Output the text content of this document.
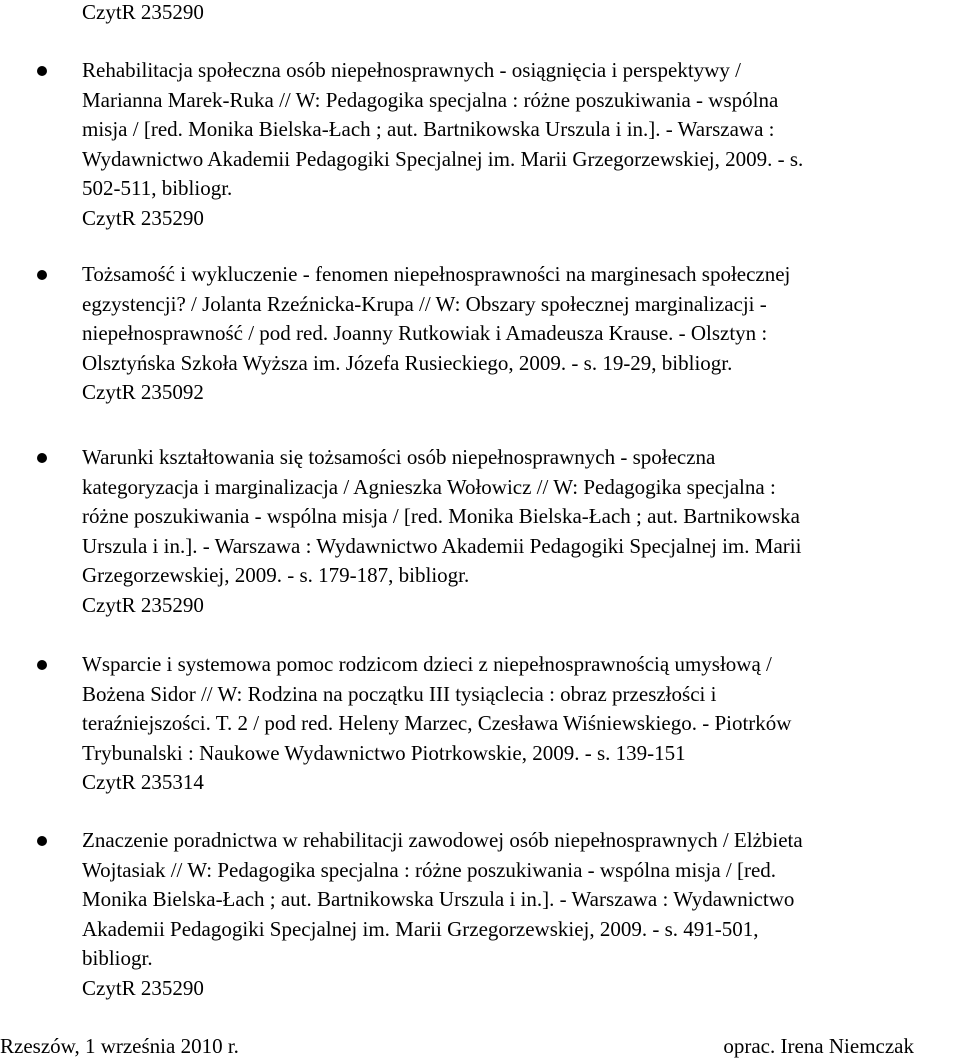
CzytR 235290
Rehabilitacja społeczna osób niepełnosprawnych - osiągnięcia i perspektywy /
Marianna Marek-Ruka // W: Pedagogika specjalna : różne poszukiwania - wspólna
misja / [red. Monika Bielska-Łach ; aut. Bartnikowska Urszula i in.]. - Warszawa :
Wydawnictwo Akademii Pedagogiki Specjalnej im. Marii Grzegorzewskiej, 2009. - s.
502-511, bibliogr.
CzytR 235290
Tożsamość i wykluczenie - fenomen niepełnosprawności na marginesach społecznej
egzystencji? / Jolanta Rzeźnicka-Krupa // W: Obszary społecznej marginalizacji -
niepełnosprawność / pod red. Joanny Rutkowiak i Amadeusza Krause. - Olsztyn :
Olsztyńska Szkoła Wyższa im. Józefa Rusieckiego, 2009. - s. 19-29, bibliogr.
CzytR 235092
Warunki kształtowania się tożsamości osób niepełnosprawnych - społeczna
kategoryzacja i marginalizacja / Agnieszka Wołowicz // W: Pedagogika specjalna :
różne poszukiwania - wspólna misja / [red. Monika Bielska-Łach ; aut. Bartnikowska
Urszula i in.]. - Warszawa : Wydawnictwo Akademii Pedagogiki Specjalnej im. Marii
Grzegorzewskiej, 2009. - s. 179-187, bibliogr.
CzytR 235290
Wsparcie i systemowa pomoc rodzicom dzieci z niepełnosprawnością umysłową /
Bożena Sidor // W: Rodzina na początku III tysiąclecia : obraz przeszłości i
teraźniejszości. T. 2 / pod red. Heleny Marzec, Czesława Wiśniewskiego. - Piotrków
Trybunalski : Naukowe Wydawnictwo Piotrkowskie, 2009. - s. 139-151
CzytR 235314
Znaczenie poradnictwa w rehabilitacji zawodowej osób niepełnosprawnych / Elżbieta
Wojtasiak // W: Pedagogika specjalna : różne poszukiwania - wspólna misja / [red.
Monika Bielska-Łach ; aut. Bartnikowska Urszula i in.]. - Warszawa : Wydawnictwo
Akademii Pedagogiki Specjalnej im. Marii Grzegorzewskiej, 2009. - s. 491-501,
bibliogr.
CzytR 235290
Rzeszów, 1 września 2010 r.	oprac. Irena Niemczak
